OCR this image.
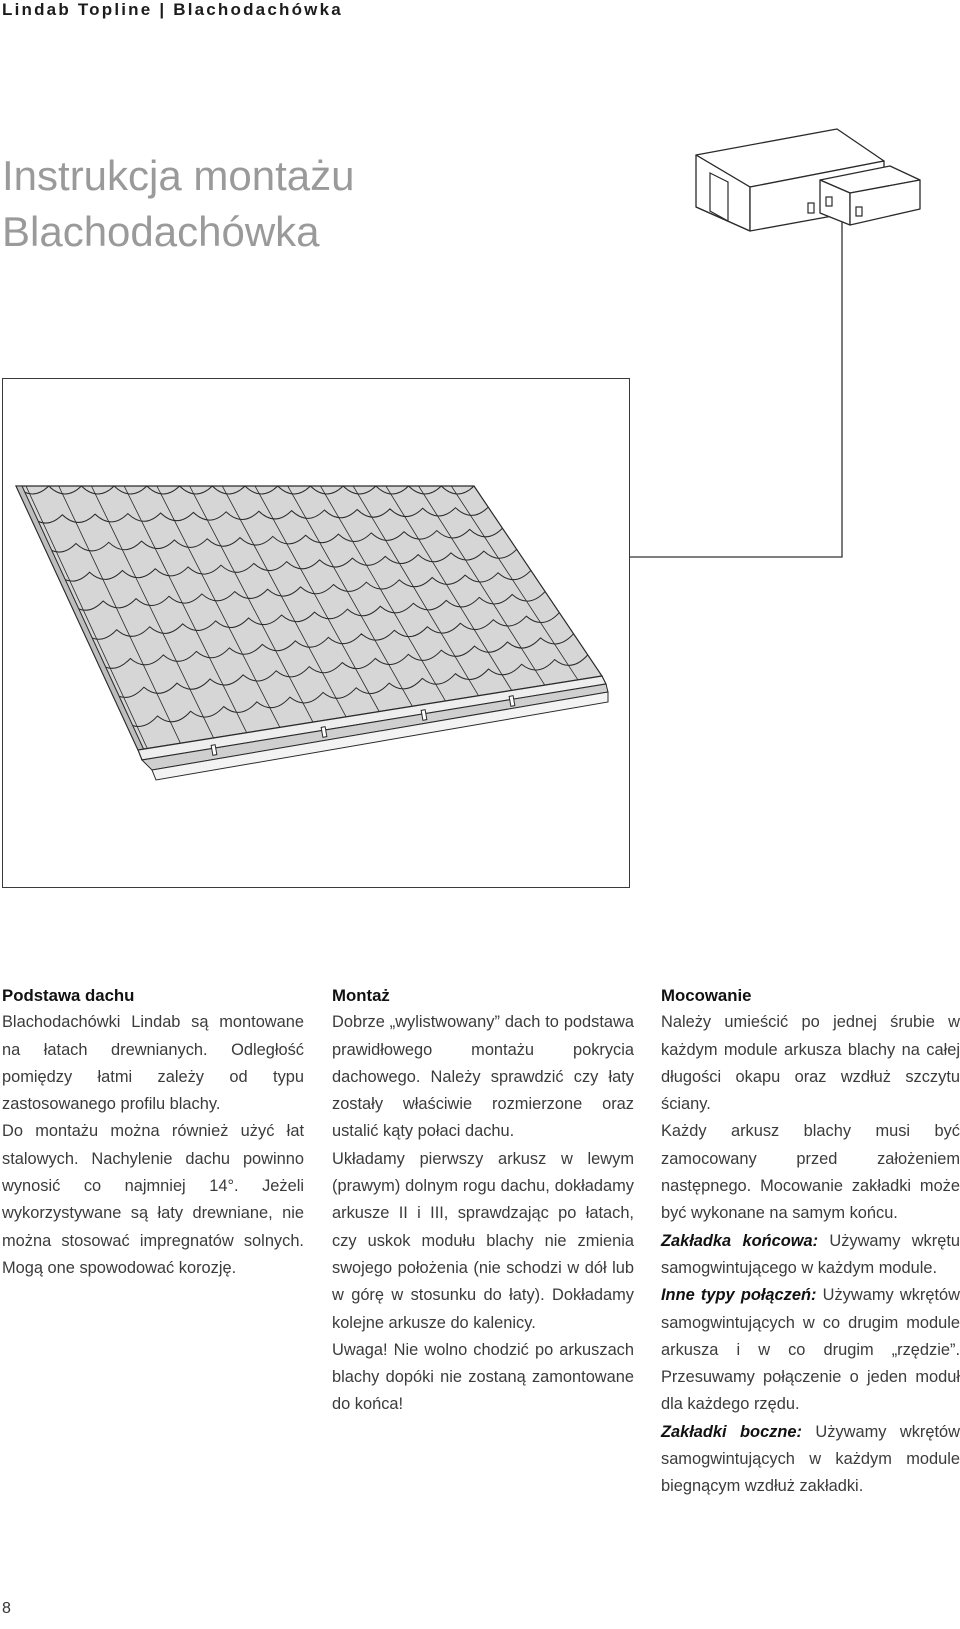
Lindab Topline | Blachodachówka
Instrukcja montażu
Blachodachówka
Podstawa dachu

Blachodachówki Lindab są montowane na łatach drewnianych. Odległość pomiędzy łatmi zależy od typu zastosowanego profilu blachy.

Do montażu można również użyć łat stalowych. Nachylenie dachu powinno wynosić co najmniej 14°. Jeżeli wykorzystywane są łaty drewniane, nie można stosować impregnatów solnych. Mogą one spowodować korozję.

Montaż

Dobrze „wylistwowany” dach to podstawa prawidłowego montażu pokrycia dachowego. Należy sprawdzić czy łaty zostały właściwie rozmierzone oraz ustalić kąty połaci dachu.

Układamy pierwszy arkusz w lewym (prawym) dolnym rogu dachu, dokładamy arkusze II i III, sprawdzając po łatach, czy uskok modułu blachy nie zmienia swojego położenia (nie schodzi w dół lub w górę w stosunku do łaty). Dokładamy kolejne arkusze do kalenicy.

Uwaga! Nie wolno chodzić po arkuszach blachy dopóki nie zostaną zamontowane do końca!

Mocowanie

Należy umieścić po jednej śrubie w każdym module arkusza blachy na całej długości okapu oraz wzdłuż szczytu ściany.

Każdy arkusz blachy musi być zamocowany przed założeniem następnego. Mocowanie zakładki może być wykonane na samym końcu.

Zakładka końcowa: Używamy wkrętu samogwintującego w każdym module.

Inne typy połączeń: Używamy wkrętów samogwintujących w co drugim module arkusza i w co drugim „rzędzie”. Przesuwamy połączenie o jeden moduł dla każdego rzędu.

Zakładki boczne: Używamy wkrętów samogwintujących w każdym module biegnącym wzdłuż zakładki.

8
